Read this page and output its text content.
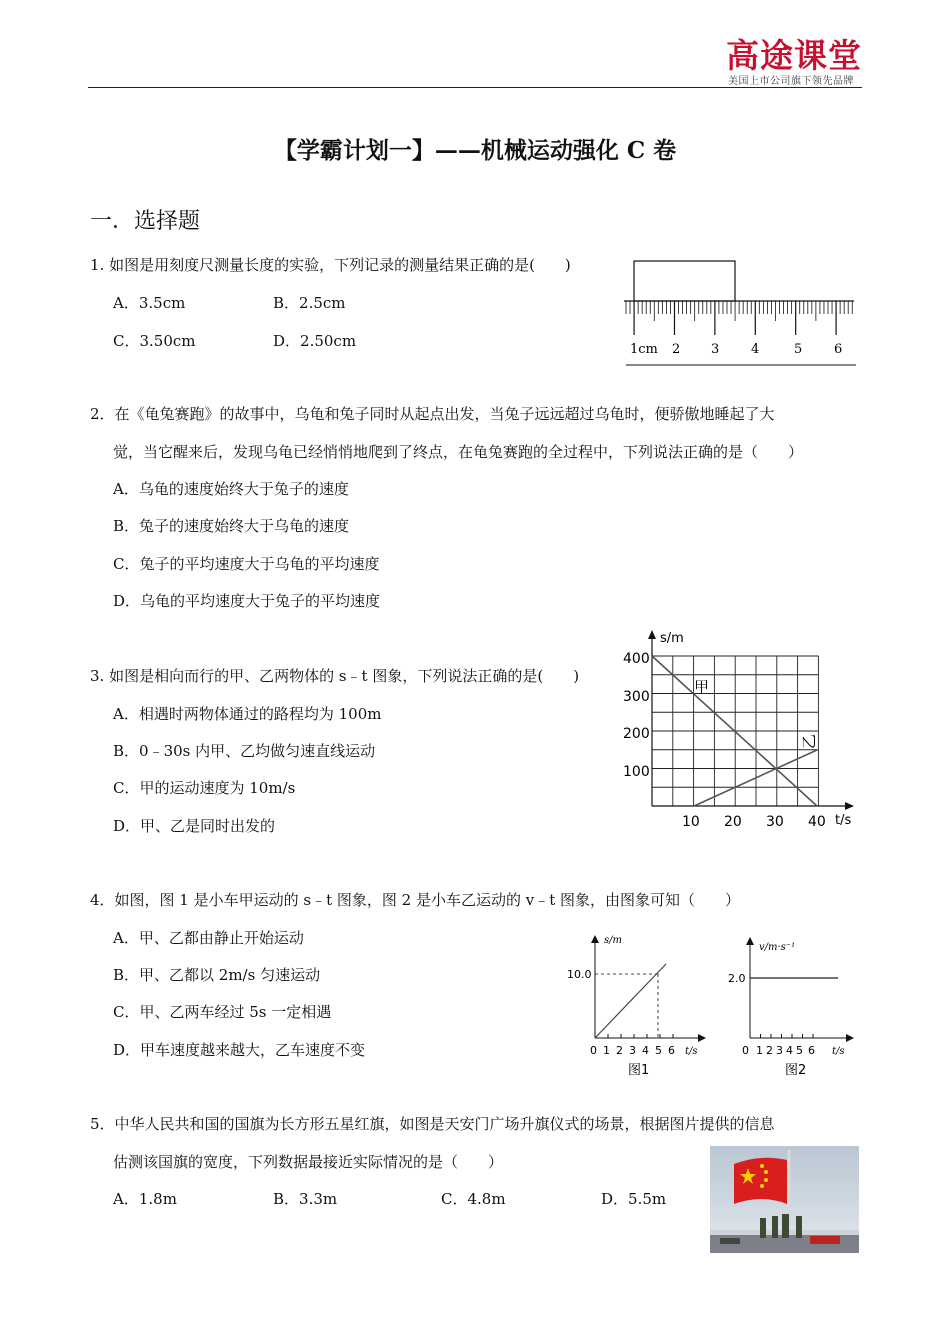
高途课堂
美国上市公司旗下领先品牌
【学霸计划一】——机械运动强化 C 卷
一．选择题
1. 如图是用刻度尺测量长度的实验，下列记录的测量结果正确的是(　　)
A．3.5cm	B．2.5cm
C．3.50cm	D．2.50cm	1cm 2 3 4	5 6
2．在《龟兔赛跑》的故事中，乌龟和兔子同时从起点出发，当兔子远远超过乌龟时，便骄傲地睡起了大
觉，当它醒来后，发现乌龟已经悄悄地爬到了终点，在龟兔赛跑的全过程中，下列说法正确的是（　　）
A．乌龟的速度始终大于兔子的速度
B．兔子的速度始终大于乌龟的速度
C．兔子的平均速度大于乌龟的平均速度
D．乌龟的平均速度大于兔子的平均速度
3. 如图是相向而行的甲、乙两物体的 s﹣t 图象，下列说法正确的是(　　)
A．相遇时两物体通过的路程均为 100m
B．0﹣30s 内甲、乙均做匀速直线运动
C．甲的运动速度为 10m/s
D．甲、乙是同时出发的
s/m
t/s
400
300
200
100
10 20 30 40
甲
乙
4．如图，图 1 是小车甲运动的 s﹣t 图象，图 2 是小车乙运动的 v﹣t 图象，由图象可知（　　）
A．甲、乙都由静止开始运动
B．甲、乙都以 2m/s 匀速运动
C．甲、乙两车经过 5s 一定相遇
D．甲车速度越来越大，乙车速度不变
s/m
10.0
0 1 2 3 4 5 6 t/s
图1
v/m·s⁻¹
2.0
0 1 2 3 4 5 6 t/s
图2
5．中华人民共和国的国旗为长方形五星红旗，如图是天安门广场升旗仪式的场景，根据图片提供的信息
估测该国旗的宽度，下列数据最接近实际情况的是（　　）
A．1.8m	B．3.3m	C．4.8m	D．5.5m
